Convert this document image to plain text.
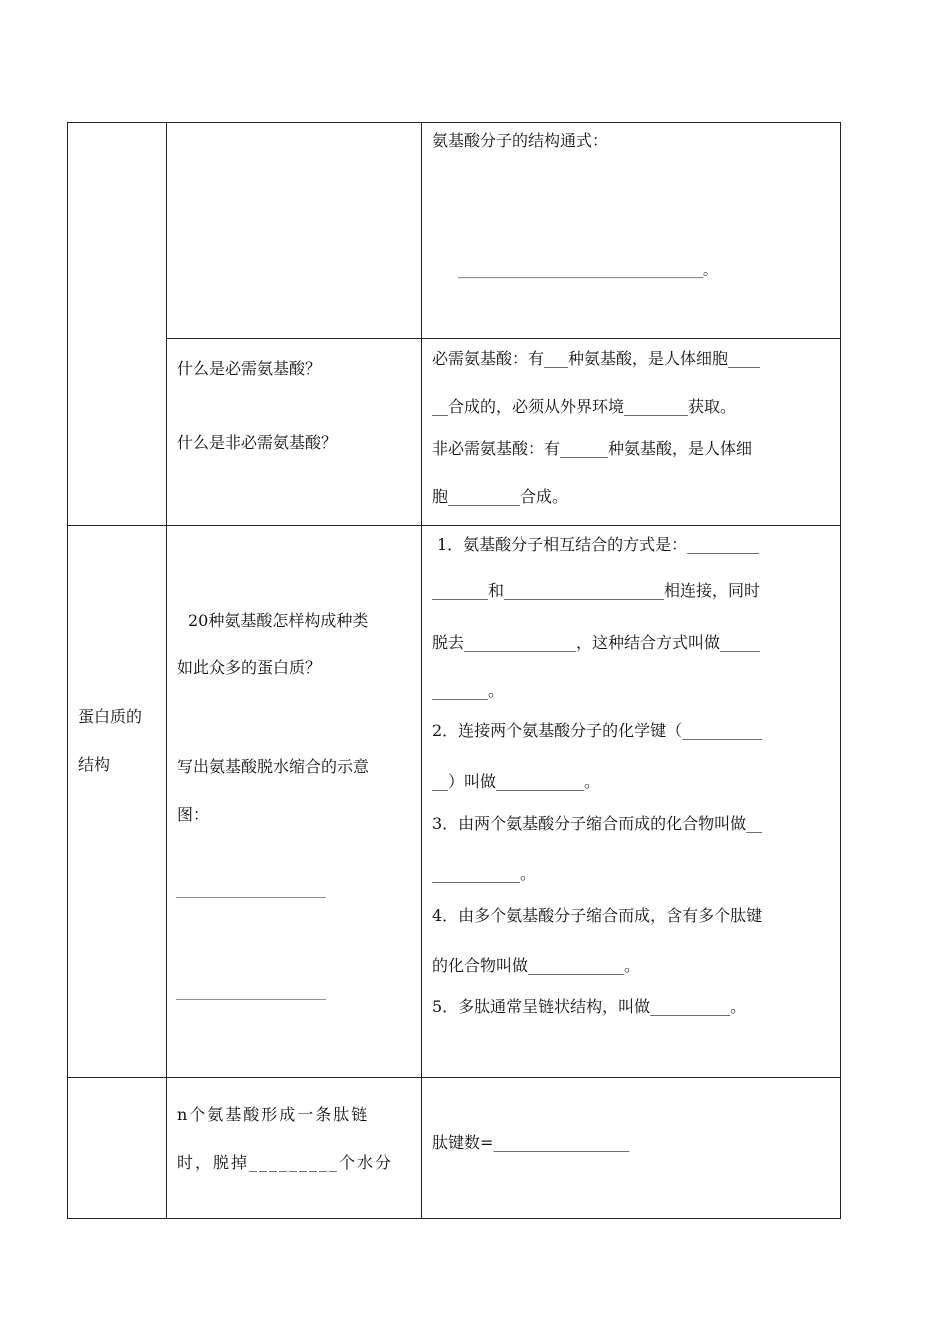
氨基酸分子的结构通式：
___________________________________。
什么是必需氨基酸？
什么是非必需氨基酸？
必需氨基酸：有___种氨基酸，是人体细胞____
__合成的，必须从外界环境________获取。
非必需氨基酸：有______种氨基酸，是人体细
胞_________合成。
蛋白质的
结构
20种氨基酸怎样构成种类
如此众多的蛋白质？
写出氨基酸脱水缩合的示意
图：
_________________________
_________________________
1．氨基酸分子相互结合的方式是：_________
_______和____________________相连接，同时
脱去______________，这种结合方式叫做_____
_______。
2．连接两个氨基酸分子的化学键（__________
__）叫做___________。
3．由两个氨基酸分子缩合而成的化合物叫做__
___________。
4．由多个氨基酸分子缩合而成，含有多个肽键
的化合物叫做____________。
5．多肽通常呈链状结构，叫做__________。
n个氨基酸形成一条肽链
时，脱掉_________个水分
肽键数=_________________
